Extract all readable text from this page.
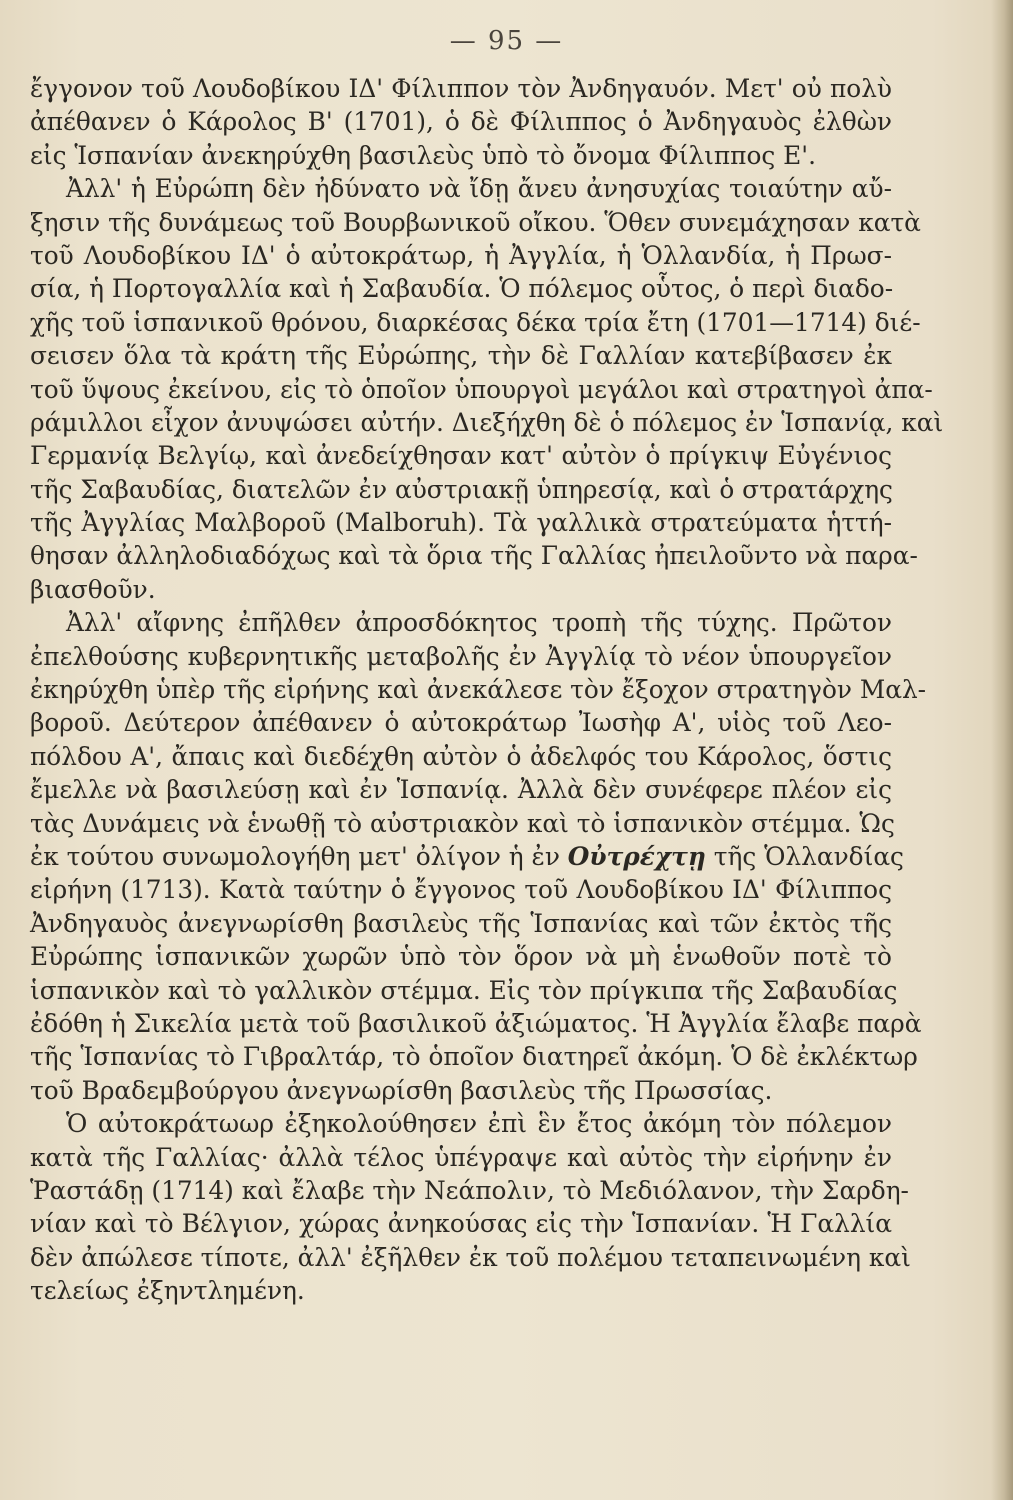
— 95 —
ἔγγονον τοῦ Λουδοβίκου ΙΔ' Φίλιππον τὸν Ἀνδηγαυόν. Μετ' οὐ πολὺ
ἀπέθανεν ὁ Κάρολος Β' (1701), ὁ δὲ Φίλιππος ὁ Ἀνδηγαυὸς ἐλθὼν
εἰς Ἱσπανίαν ἀνεκηρύχθη βασιλεὺς ὑπὸ τὸ ὄνομα Φίλιππος Ε'.
Ἀλλ' ἡ Εὐρώπη δὲν ἠδύνατο νὰ ἴδῃ ἄνευ ἀνησυχίας τοιαύτην αὔ-
ξησιν τῆς δυνάμεως τοῦ Βουρβωνικοῦ οἴκου. Ὅθεν συνεμάχησαν κατὰ
τοῦ Λουδοβίκου ΙΔ' ὁ αὐτοκράτωρ, ἡ Ἀγγλία, ἡ Ὁλλανδία, ἡ Πρωσ-
σία, ἡ Πορτογαλλία καὶ ἡ Σαβαυδία. Ὁ πόλεμος οὗτος, ὁ περὶ διαδο-
χῆς τοῦ ἱσπανικοῦ θρόνου, διαρκέσας δέκα τρία ἔτη (1701—1714) διέ-
σεισεν ὅλα τὰ κράτη τῆς Εὐρώπης, τὴν δὲ Γαλλίαν κατεβίβασεν ἐκ
τοῦ ὕψους ἐκείνου, εἰς τὸ ὁποῖον ὑπουργοὶ μεγάλοι καὶ στρατηγοὶ ἀπα-
ράμιλλοι εἶχον ἀνυψώσει αὐτήν. Διεξήχθη δὲ ὁ πόλεμος ἐν Ἱσπανίᾳ, καὶ
Γερμανίᾳ Βελγίῳ, καὶ ἀνεδείχθησαν κατ' αὐτὸν ὁ πρίγκιψ Εὐγένιος
τῆς Σαβαυδίας, διατελῶν ἐν αὐστριακῇ ὑπηρεσίᾳ, καὶ ὁ στρατάρχης
τῆς Ἀγγλίας Μαλβοροῦ (Malboruh). Τὰ γαλλικὰ στρατεύματα ἡττή-
θησαν ἀλληλοδιαδόχως καὶ τὰ ὅρια τῆς Γαλλίας ἠπειλοῦντο νὰ παρα-
βιασθοῦν.
Ἀλλ' αἴφνης ἐπῆλθεν ἀπροσδόκητος τροπὴ τῆς τύχης. Πρῶτον
ἐπελθούσης κυβερνητικῆς μεταβολῆς ἐν Ἀγγλίᾳ τὸ νέον ὑπουργεῖον
ἐκηρύχθη ὑπὲρ τῆς εἰρήνης καὶ ἀνεκάλεσε τὸν ἔξοχον στρατηγὸν Μαλ-
βοροῦ. Δεύτερον ἀπέθανεν ὁ αὐτοκράτωρ Ἰωσὴφ Α', υἱὸς τοῦ Λεο-
πόλδου Α', ἄπαις καὶ διεδέχθη αὐτὸν ὁ ἀδελφός του Κάρολος, ὅστις
ἔμελλε νὰ βασιλεύσῃ καὶ ἐν Ἱσπανίᾳ. Ἀλλὰ δὲν συνέφερε πλέον εἰς
τὰς Δυνάμεις νὰ ἑνωθῇ τὸ αὐστριακὸν καὶ τὸ ἱσπανικὸν στέμμα. Ὡς
ἐκ τούτου συνωμολογήθη μετ' ὀλίγον ἡ ἐν Οὐτρέχτῃ τῆς Ὁλλανδίας
εἰρήνη (1713). Κατὰ ταύτην ὁ ἔγγονος τοῦ Λουδοβίκου ΙΔ' Φίλιππος
Ἀνδηγαυὸς ἀνεγνωρίσθη βασιλεὺς τῆς Ἱσπανίας καὶ τῶν ἐκτὸς τῆς
Εὐρώπης ἱσπανικῶν χωρῶν ὑπὸ τὸν ὅρον νὰ μὴ ἑνωθοῦν ποτὲ τὸ
ἱσπανικὸν καὶ τὸ γαλλικὸν στέμμα. Εἰς τὸν πρίγκιπα τῆς Σαβαυδίας
ἐδόθη ἡ Σικελία μετὰ τοῦ βασιλικοῦ ἀξιώματος. Ἡ Ἀγγλία ἔλαβε παρὰ
τῆς Ἱσπανίας τὸ Γιβραλτάρ, τὸ ὁποῖον διατηρεῖ ἀκόμη. Ὁ δὲ ἐκλέκτωρ
τοῦ Βραδεμβούργου ἀνεγνωρίσθη βασιλεὺς τῆς Πρωσσίας.
Ὁ αὐτοκράτωωρ ἐξηκολούθησεν ἐπὶ ἓν ἔτος ἀκόμη τὸν πόλεμον
κατὰ τῆς Γαλλίας· ἀλλὰ τέλος ὑπέγραψε καὶ αὐτὸς τὴν εἰρήνην ἐν
Ῥαστάδῃ (1714) καὶ ἔλαβε τὴν Νεάπολιν, τὸ Μεδιόλανον, τὴν Σαρδη-
νίαν καὶ τὸ Βέλγιον, χώρας ἀνηκούσας εἰς τὴν Ἱσπανίαν. Ἡ Γαλλία
δὲν ἀπώλεσε τίποτε, ἀλλ' ἐξῆλθεν ἐκ τοῦ πολέμου τεταπεινωμένη καὶ
τελείως ἐξηντλημένη.
